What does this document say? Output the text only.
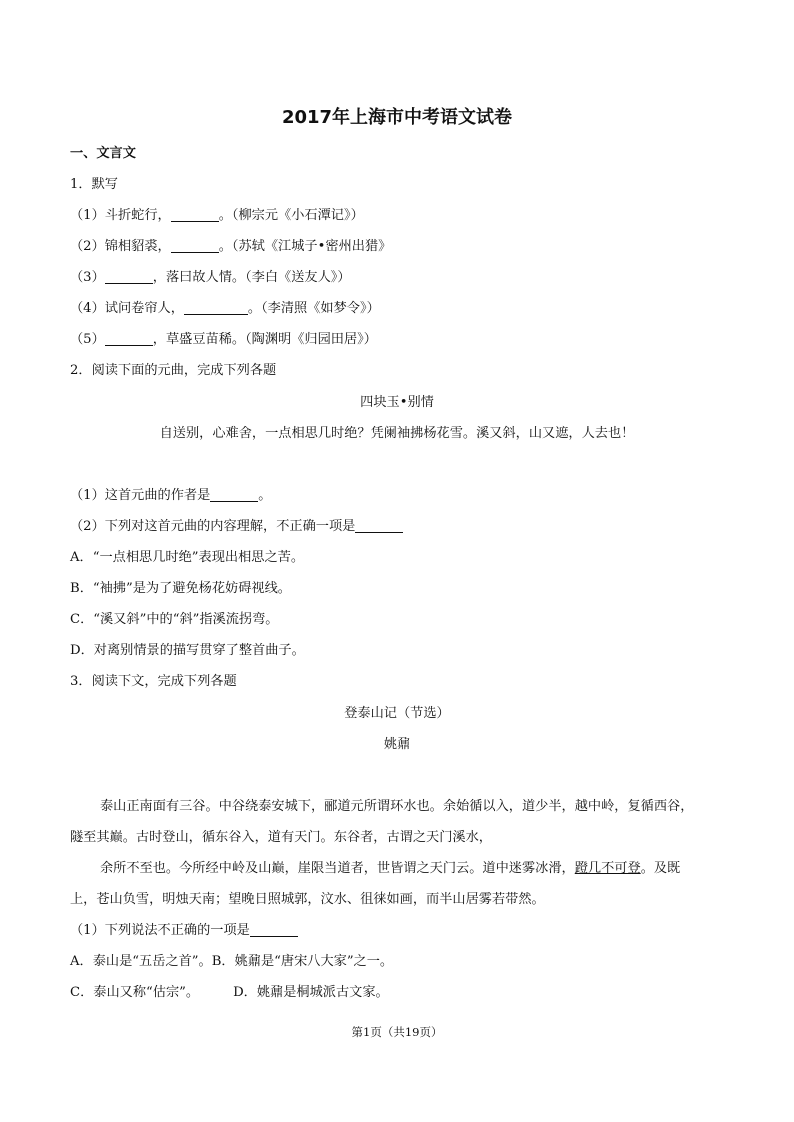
2017年上海市中考语文试卷
一、文言文
1．默写
（1）斗折蛇行，	。（柳宗元《小石潭记》）
（2）锦相貂裘，	。（苏轼《江城子•密州出猎》
（3）	，落曰故人情。（李白《送友人》）
（4）试问卷帘人，	。（李清照《如梦令》）
（5）	，草盛豆苗稀。（陶渊明《归园田居》）
2．阅读下面的元曲，完成下列各题
四块玉•别情
自送别，心难舍，一点相思几时绝？凭阑袖拂杨花雪。溪又斜，山又遮，人去也！
（1）这首元曲的作者是	。
（2）下列对这首元曲的内容理解，不正确一项是
A．“一点相思几时绝”表现出相思之苦。
B．“袖拂”是为了避免杨花妨碍视线。
C．“溪又斜”中的“斜”指溪流拐弯。
D．对离别情景的描写贯穿了整首曲子。
3．阅读下文，完成下列各题
登泰山记（节选）
姚鼐
泰山正南面有三谷。中谷绕泰安城下，郦道元所谓环水也。余始循以入，道少半，越中岭，复循西谷，
隧至其巅。古时登山，循东谷入，道有天门。东谷者，古谓之天门溪水，
余所不至也。今所经中岭及山巅，崖限当道者，世皆谓之天门云。道中迷雾冰滑，蹬几不可登。及既
上，苍山负雪，明烛天南；望晚日照城郭，汶水、徂徕如画，而半山居雾若带然。
（1）下列说法不正确的一项是
A．泰山是“五岳之首”。B．姚鼐是“唐宋八大家”之一。
C．泰山又称“估宗”。	D．姚鼐是桐城派古文家。
第1页（共19页）
